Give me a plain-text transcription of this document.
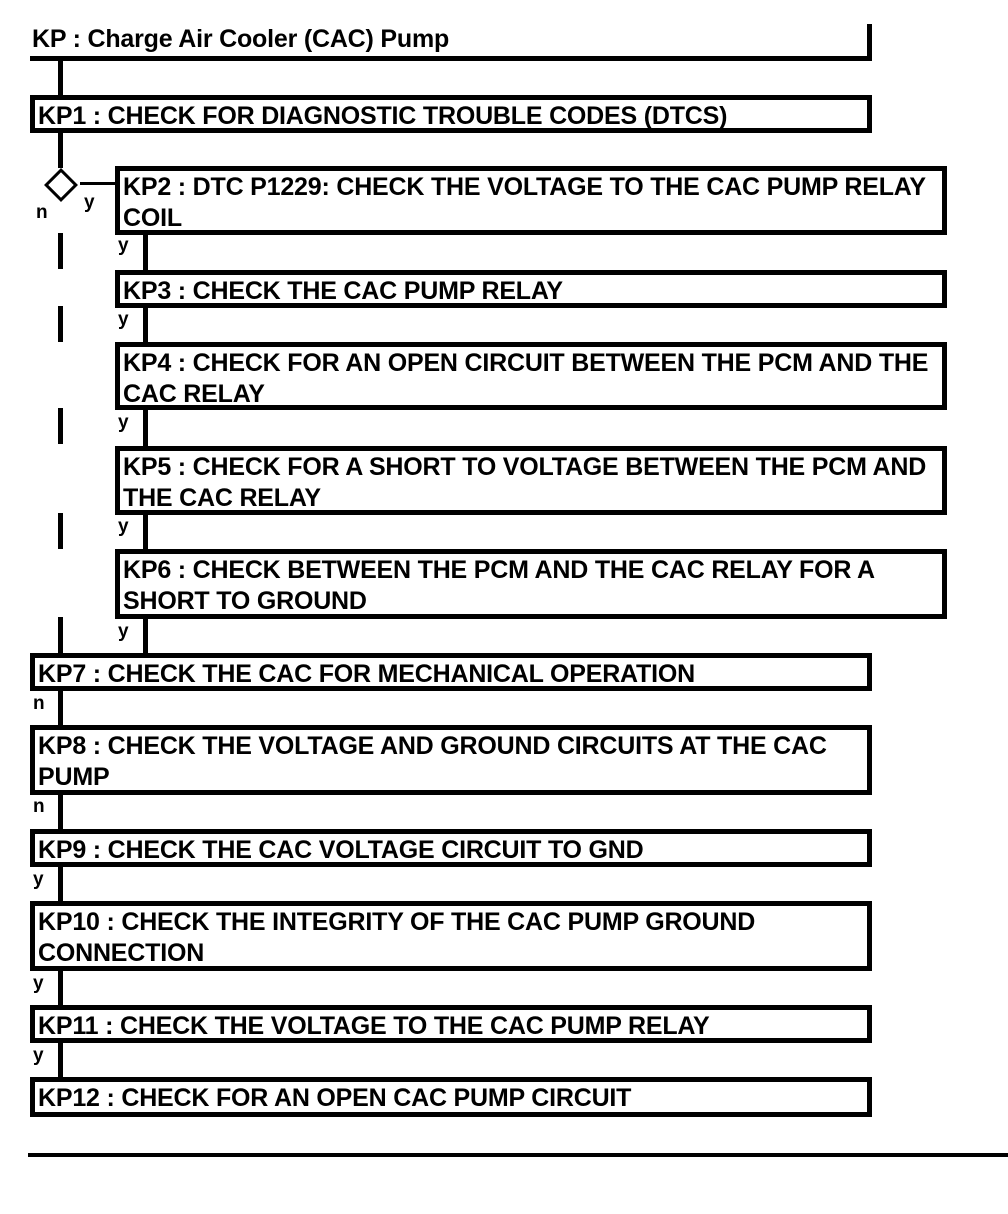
KP : Charge Air Cooler (CAC) Pump
KP1 : CHECK FOR DIAGNOSTIC TROUBLE CODES (DTCS)
n y
KP2 : DTC P1229: CHECK THE VOLTAGE TO THE CAC PUMP RELAY COIL
y
KP3 : CHECK THE CAC PUMP RELAY
y
KP4 : CHECK FOR AN OPEN CIRCUIT BETWEEN THE PCM AND THE CAC RELAY
y
KP5 : CHECK FOR A SHORT TO VOLTAGE BETWEEN THE PCM AND THE CAC RELAY
y
KP6 : CHECK BETWEEN THE PCM AND THE CAC RELAY FOR A SHORT TO GROUND
y
KP7 : CHECK THE CAC FOR MECHANICAL OPERATION
n
KP8 : CHECK THE VOLTAGE AND GROUND CIRCUITS AT THE CAC PUMP
n
KP9 : CHECK THE CAC VOLTAGE CIRCUIT TO GND
y
KP10 : CHECK THE INTEGRITY OF THE CAC PUMP GROUND CONNECTION
y
KP11 : CHECK THE VOLTAGE TO THE CAC PUMP RELAY
y
KP12 : CHECK FOR AN OPEN CAC PUMP CIRCUIT
